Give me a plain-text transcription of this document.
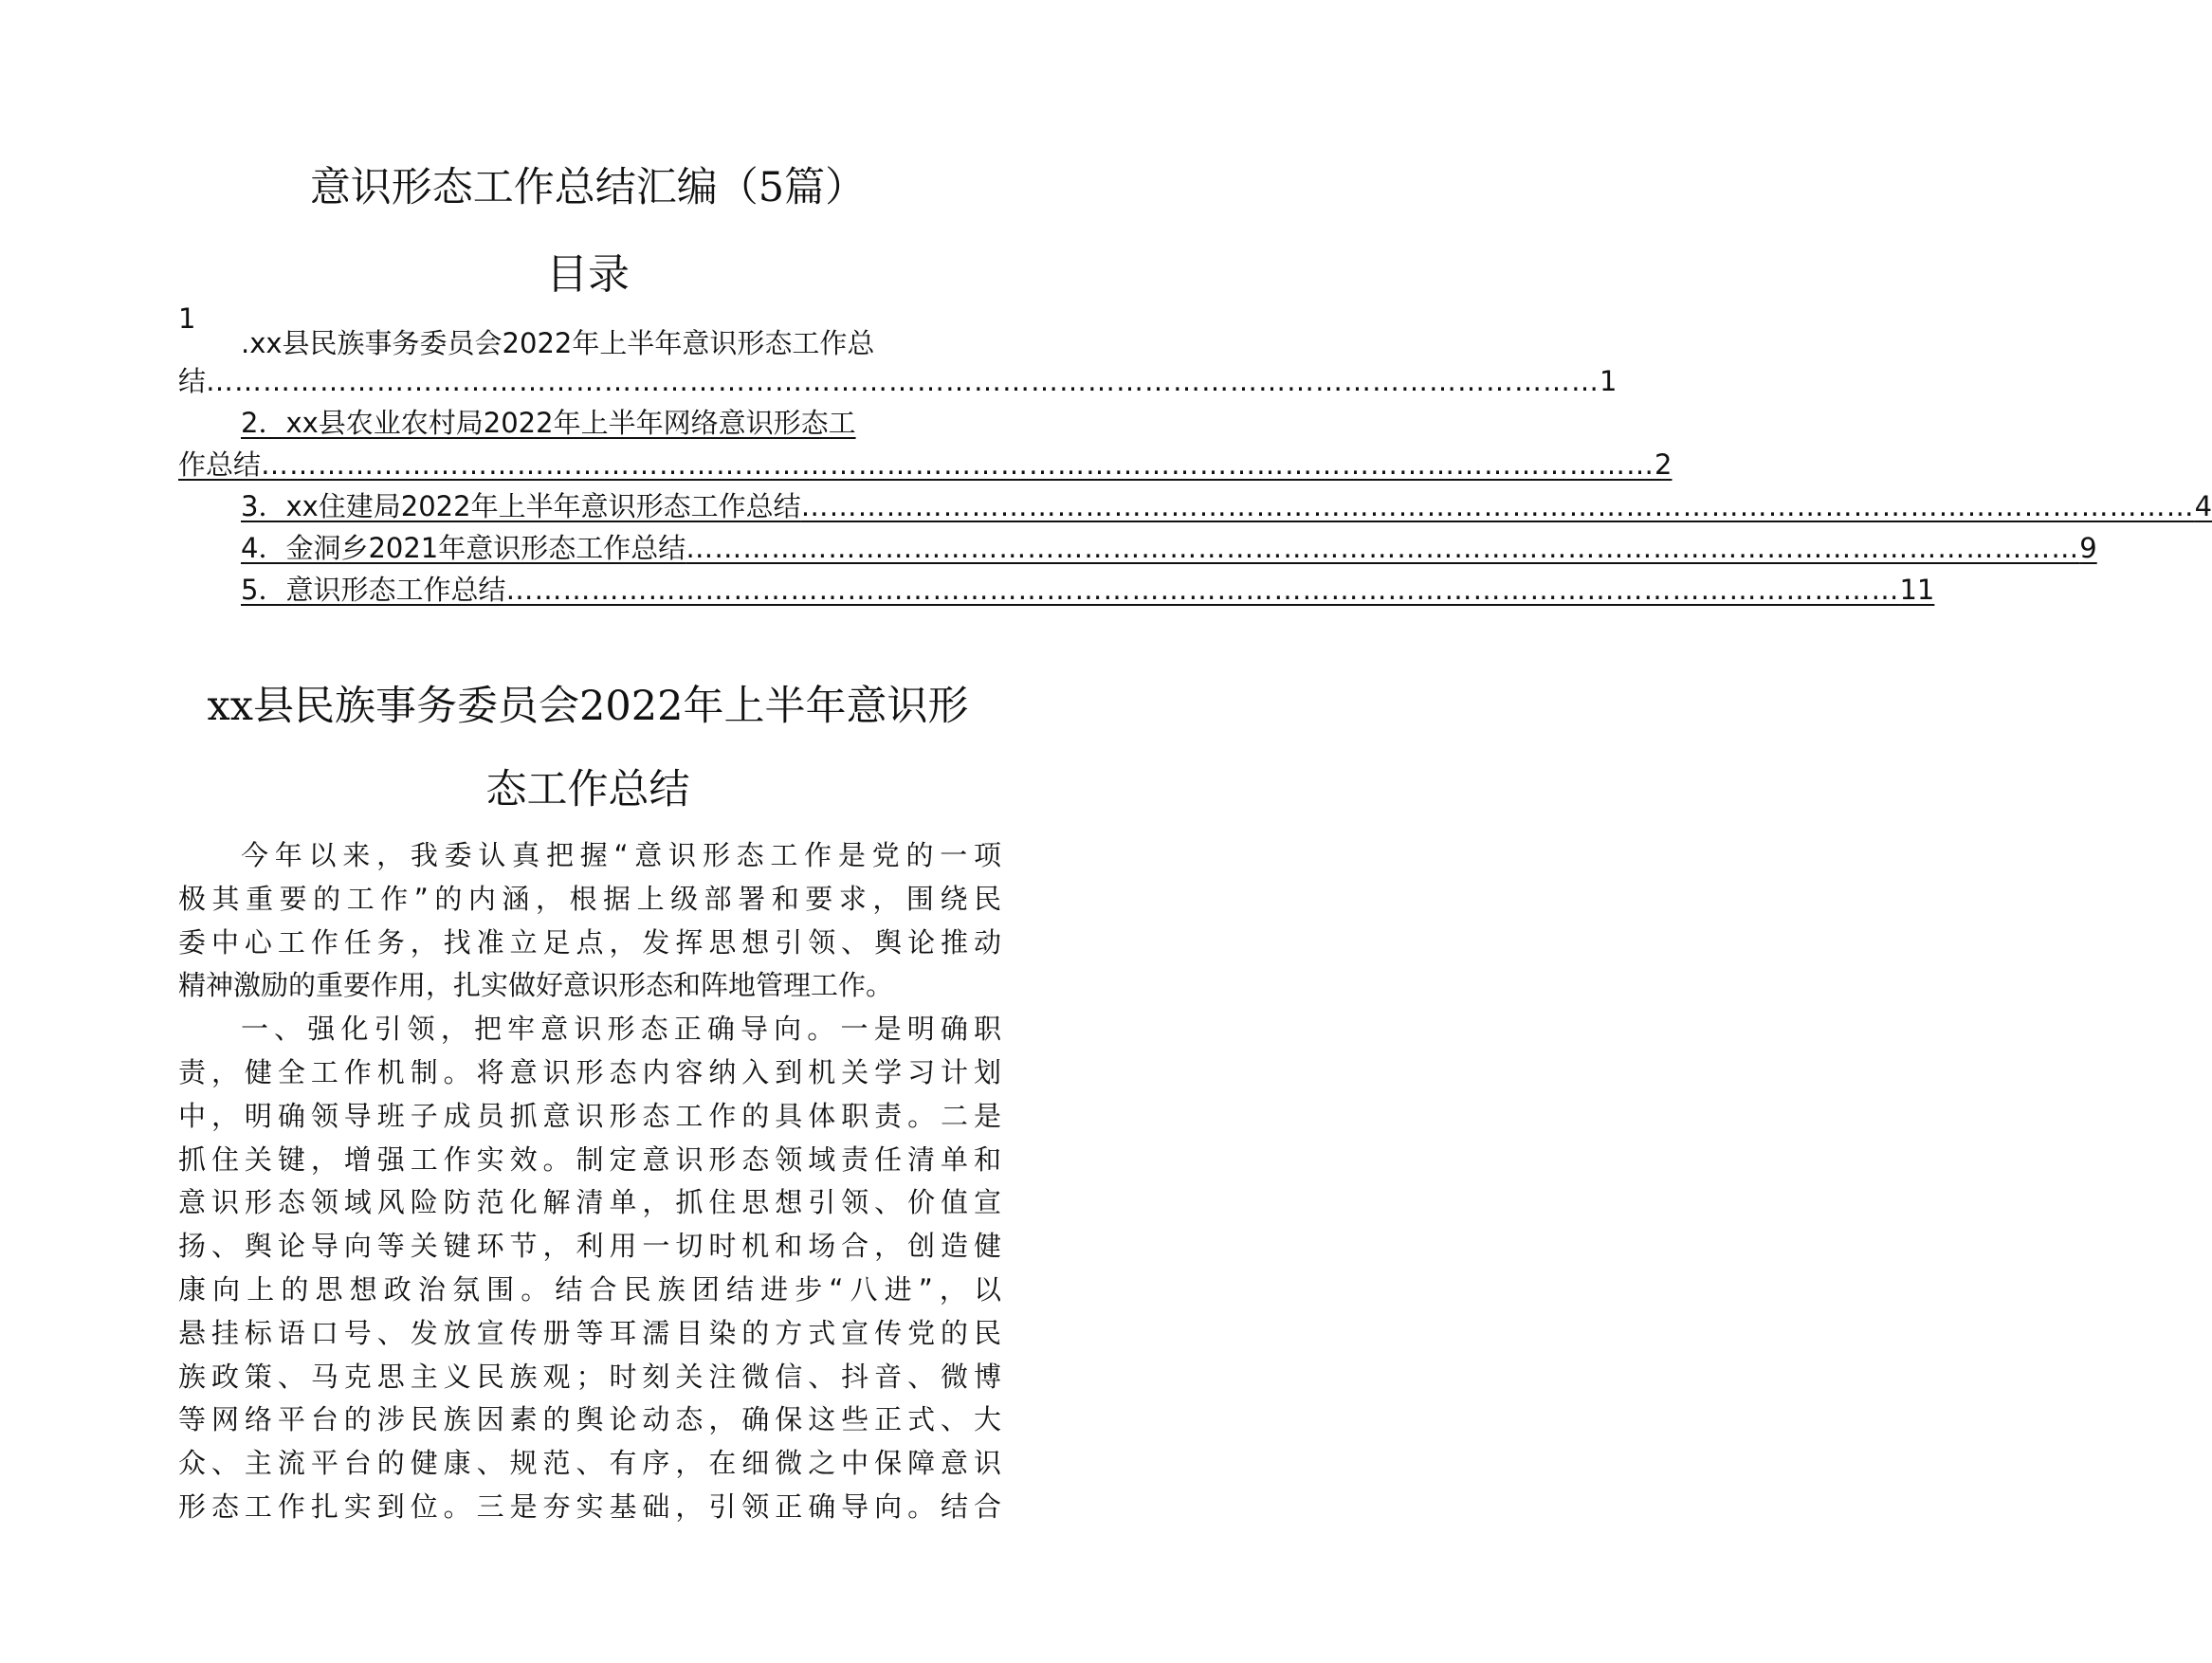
意识形态工作总结汇编（5篇）
目录
1
.xx县民族事务委员会2022年上半年意识形态工作总
结 ………………………………………………………………………………………………………………………………… 1
2．xx县农业农村局2022年上半年网络意识形态工
作总结 ………………………………………………………………………………………………………………………………… 2
3．xx住建局2022年上半年意识形态工作总结 ………………………………………………………………………………………………………………………………… 4
4．金洞乡2021年意识形态工作总结 ………………………………………………………………………………………………………………………………… 9
5．意识形态工作总结 ………………………………………………………………………………………………………………………………… 11
xx县民族事务委员会2022年上半年意识形
态工作总结
今年以来，我委认真把握“意识形态工作是党的一项
极其重要的工作”的内涵，根据上级部署和要求，围绕民
委中心工作任务，找准立足点，发挥思想引领、舆论推动
精神激励的重要作用，扎实做好意识形态和阵地管理工作。
一、强化引领，把牢意识形态正确导向。一是明确职
责，健全工作机制。将意识形态内容纳入到机关学习计划
中，明确领导班子成员抓意识形态工作的具体职责。二是
抓住关键，增强工作实效。制定意识形态领域责任清单和
意识形态领域风险防范化解清单，抓住思想引领、价值宣
扬、舆论导向等关键环节，利用一切时机和场合，创造健
康向上的思想政治氛围。结合民族团结进步“八进”，以
悬挂标语口号、发放宣传册等耳濡目染的方式宣传党的民
族政策、马克思主义民族观；时刻关注微信、抖音、微博
等网络平台的涉民族因素的舆论动态，确保这些正式、大
众、主流平台的健康、规范、有序，在细微之中保障意识
形态工作扎实到位。三是夯实基础，引领正确导向。结合
